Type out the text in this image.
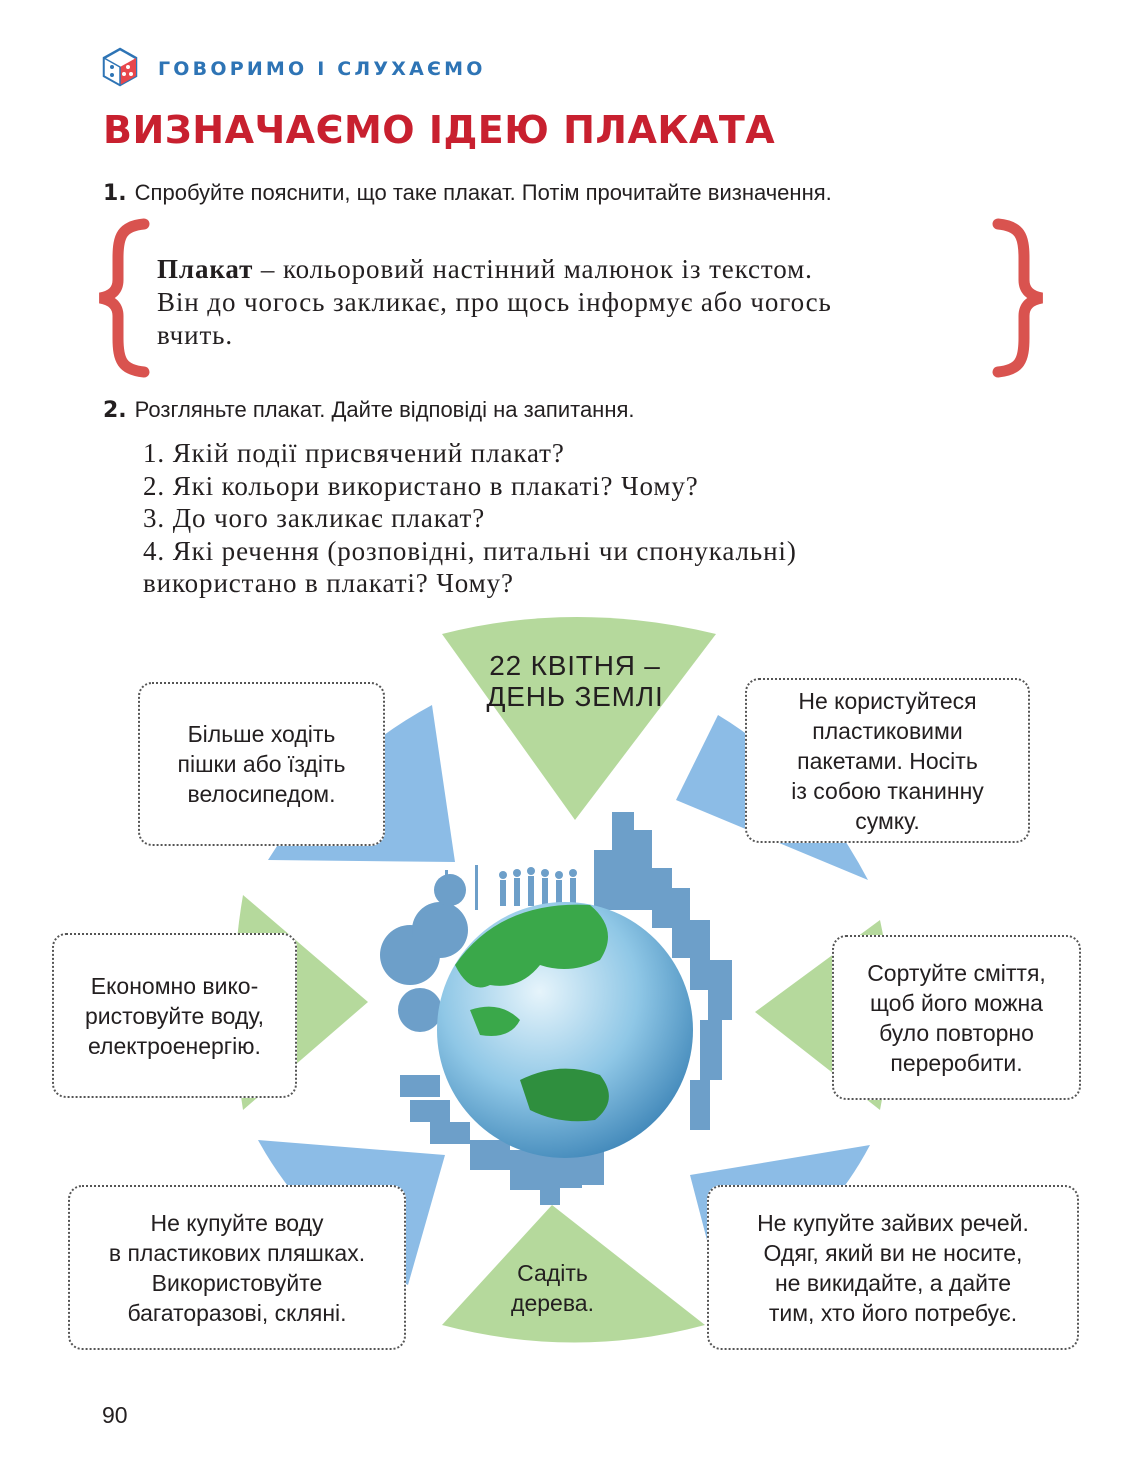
ГОВОРИМО І СЛУХАЄМО
ВИЗНАЧАЄМО ІДЕЮ ПЛАКАТА
1. Спробуйте пояснити, що таке плакат. Потім прочитайте визначення.
Плакат – кольоровий настінний малюнок із текстом.
Він до чогось закликає, про щось інформує або чогось
вчить.
2. Розгляньте плакат. Дайте відповіді на запитання.
1. Якій події присвячений плакат?
2. Які кольори використано в плакаті? Чому?
3. До чого закликає плакат?
4. Які речення (розповідні, питальні чи спонукальні)
використано в плакаті? Чому?
22 КВІТНЯ –
ДЕНЬ ЗЕМЛІ
Садіть
дерева.
Більше ходіть
пішки або їздіть
велосипедом.
Не користуйтеся
пластиковими
пакетами. Носіть
із собою тканинну
сумку.
Економно вико-
ристовуйте воду,
електроенергію.
Сортуйте сміття,
щоб його можна
було повторно
переробити.
Не купуйте воду
в пластикових пляшках.
Використовуйте
багаторазові, скляні.
Не купуйте зайвих речей.
Одяг, який ви не носите,
не викидайте, а дайте
тим, хто його потребує.
90
